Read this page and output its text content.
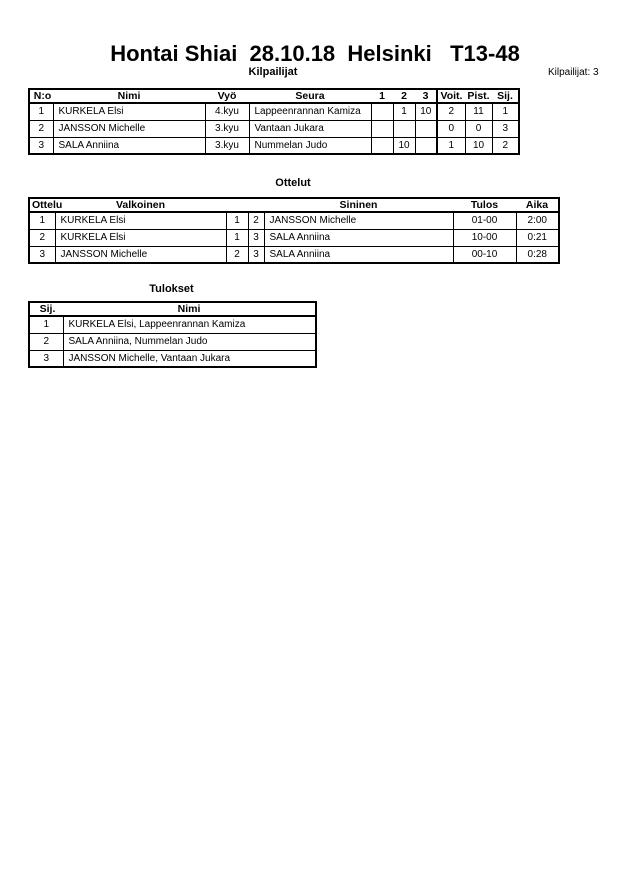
Hontai Shiai  28.10.18  Helsinki   T13-48
Kilpailijat	Kilpailijat: 3
N:o	Nimi	Vyö	Seura	1	2	3	Voit.	Pist.	Sij.
1	KURKELA Elsi	4.kyu	Lappeenrannan Kamiza		1	10	2	11	1
2	JANSSON Michelle	3.kyu	Vantaan Jukara				0	0	3
3	SALA Anniina	3.kyu	Nummelan Judo		10		1	10	2
Ottelut
Ottelu	Valkoinen			Sininen	Tulos	Aika
1	KURKELA Elsi	1	2	JANSSON Michelle	01-00	2:00
2	KURKELA Elsi	1	3	SALA Anniina	10-00	0:21
3	JANSSON Michelle	2	3	SALA Anniina	00-10	0:28
Tulokset
Sij.	Nimi
1	KURKELA Elsi, Lappeenrannan Kamiza
2	SALA Anniina, Nummelan Judo
3	JANSSON Michelle, Vantaan Jukara
